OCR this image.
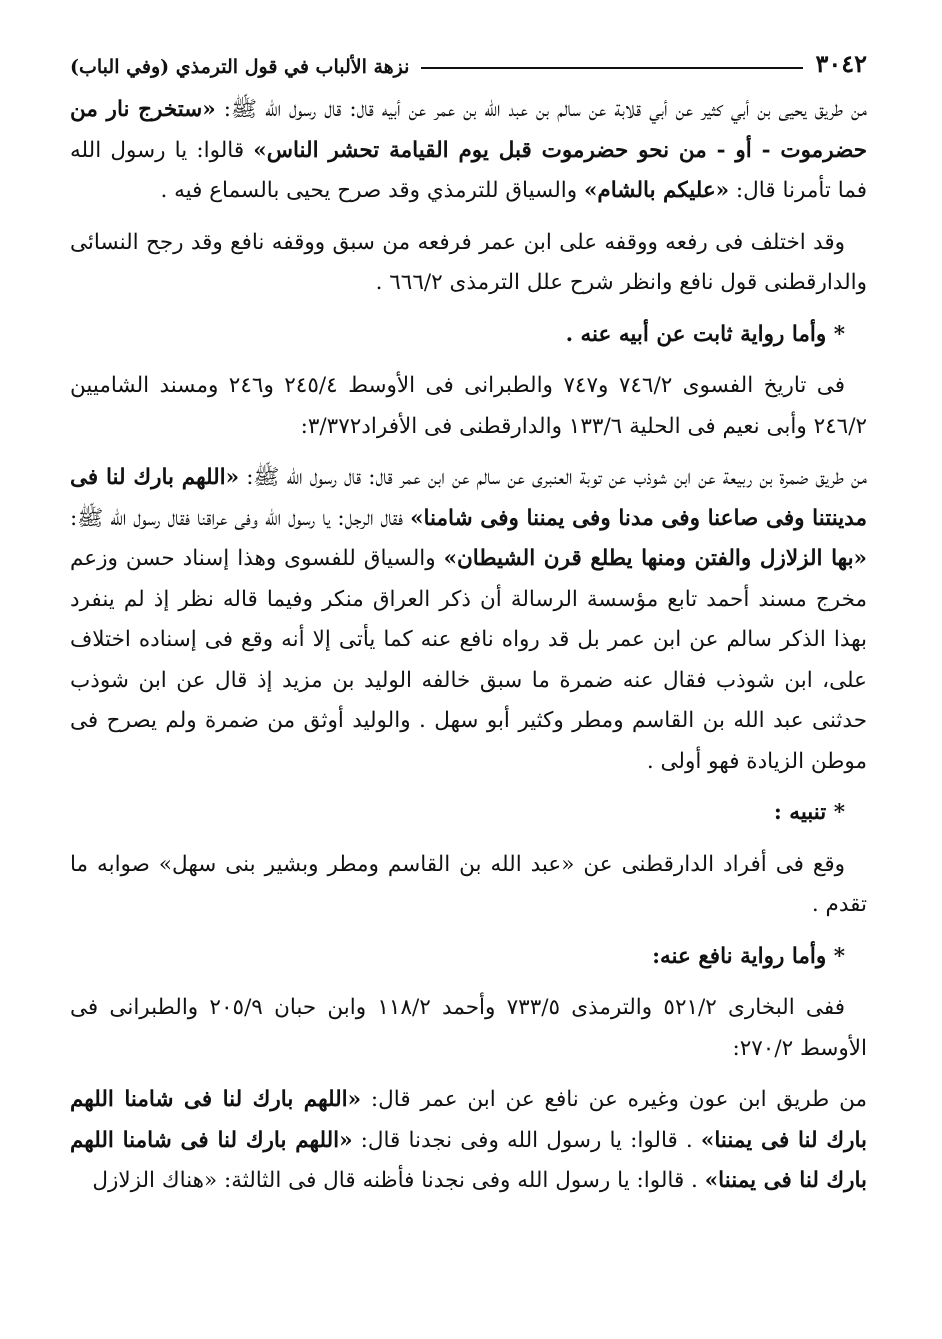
٣٠٤٢
نزهة الألباب في قول الترمذي (وفي الباب)

من طريق يحيى بن أبي كثير عن أبي قلابة عن سالم بن عبد الله بن عمر عن أبيه قال: قال رسول الله ﷺ: «ستخرج نار من حضرموت - أو - من نحو حضرموت قبل يوم القيامة تحشر الناس» قالوا: يا رسول الله فما تأمرنا قال: «عليكم بالشام» والسياق للترمذي وقد صرح يحيى بالسماع فيه .

وقد اختلف فى رفعه ووقفه على ابن عمر فرفعه من سبق ووقفه نافع وقد رجح النسائى والدارقطنى قول نافع وانظر شرح علل الترمذى ٦٦٦/٢ .

* وأما رواية ثابت عن أبيه عنه .

فى تاريخ الفسوى ٧٤٦/٢ و٧٤٧ والطبرانى فى الأوسط ٢٤٥/٤ و٢٤٦ ومسند الشاميين ٢٤٦/٢ وأبى نعيم فى الحلية ١٣٣/٦ والدارقطنى فى الأفراد٣/٣٧٢:

من طريق ضمرة بن ربيعة عن ابن شوذب عن توبة العنبرى عن سالم عن ابن عمر قال: قال رسول الله ﷺ: «اللهم بارك لنا فى مدينتنا وفى صاعنا وفى مدنا وفى يمننا وفى شامنا» فقال الرجل: يا رسول الله وفى عراقنا فقال رسول الله ﷺ: «بها الزلازل والفتن ومنها يطلع قرن الشيطان» والسياق للفسوى وهذا إسناد حسن وزعم مخرج مسند أحمد تابع مؤسسة الرسالة أن ذكر العراق منكر وفيما قاله نظر إذ لم ينفرد بهذا الذكر سالم عن ابن عمر بل قد رواه نافع عنه كما يأتى إلا أنه وقع فى إسناده اختلاف على، ابن شوذب فقال عنه ضمرة ما سبق خالفه الوليد بن مزيد إذ قال عن ابن شوذب حدثنى عبد الله بن القاسم ومطر وكثير أبو سهل . والوليد أوثق من ضمرة ولم يصرح فى موطن الزيادة فهو أولى .

* تنبيه :

وقع فى أفراد الدارقطنى عن «عبد الله بن القاسم ومطر وبشير بنى سهل» صوابه ما تقدم .

* وأما رواية نافع عنه:

ففى البخارى ٥٢١/٢ والترمذى ٧٣٣/٥ وأحمد ١١٨/٢ وابن حبان ٢٠٥/٩ والطبرانى فى الأوسط ٢٧٠/٢:

من طريق ابن عون وغيره عن نافع عن ابن عمر قال: «اللهم بارك لنا فى شامنا اللهم بارك لنا فى يمننا» . قالوا: يا رسول الله وفى نجدنا قال: «اللهم بارك لنا فى شامنا اللهم بارك لنا فى يمننا» . قالوا: يا رسول الله وفى نجدنا فأظنه قال فى الثالثة: «هناك الزلازل
